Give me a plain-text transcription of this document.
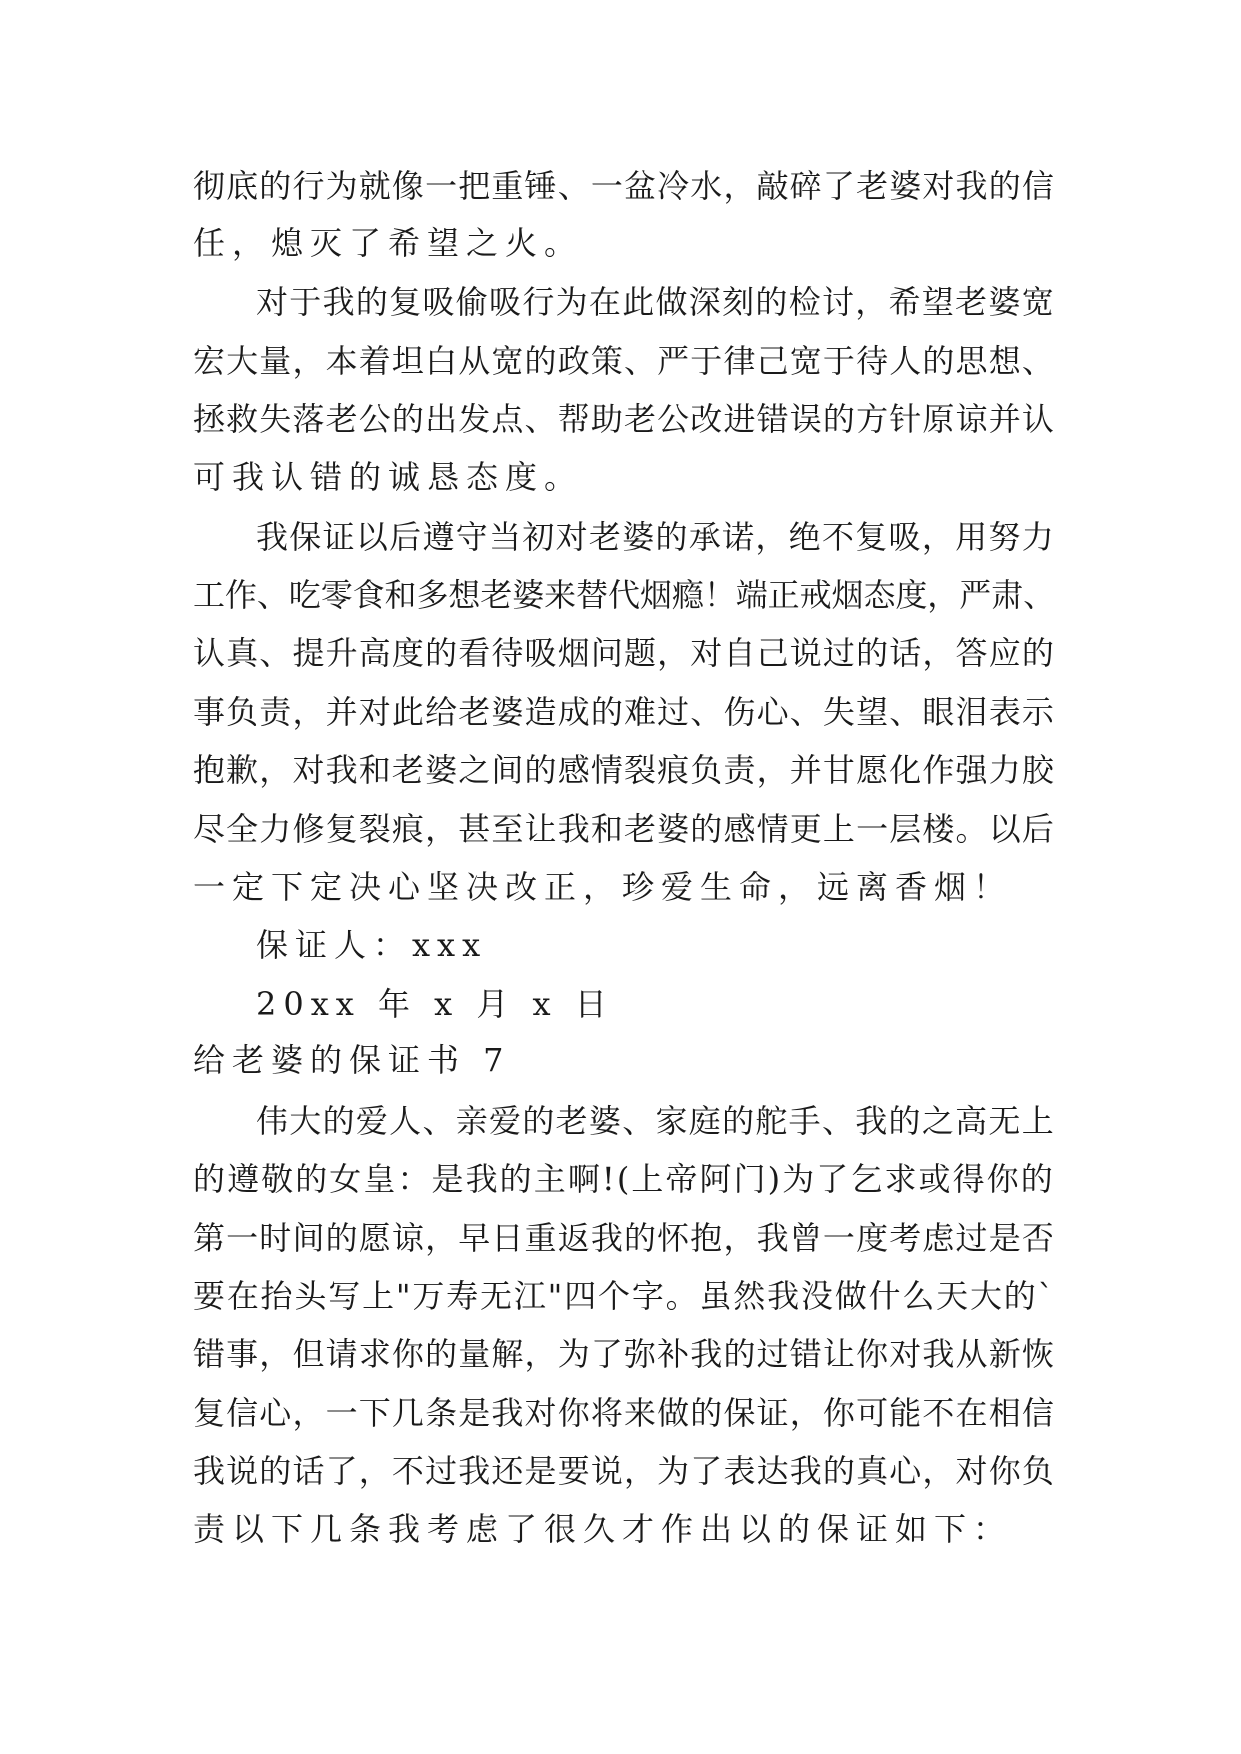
彻底的行为就像一把重锤、一盆冷水，敲碎了老婆对我的信
任，熄灭了希望之火。
对于我的复吸偷吸行为在此做深刻的检讨，希望老婆宽
宏大量，本着坦白从宽的政策、严于律己宽于待人的思想、
拯救失落老公的出发点、帮助老公改进错误的方针原谅并认
可我认错的诚恳态度。
我保证以后遵守当初对老婆的承诺，绝不复吸，用努力
工作、吃零食和多想老婆来替代烟瘾！端正戒烟态度，严肃、
认真、提升高度的看待吸烟问题，对自己说过的话，答应的
事负责，并对此给老婆造成的难过、伤心、失望、眼泪表示
抱歉，对我和老婆之间的感情裂痕负责，并甘愿化作强力胶
尽全力修复裂痕，甚至让我和老婆的感情更上一层楼。以后
一定下定决心坚决改正，珍爱生命，远离香烟！
保证人：xxx
20xx 年 x 月 x 日
给老婆的保证书 7
伟大的爱人、亲爱的老婆、家庭的舵手、我的之高无上
的遵敬的女皇：是我的主啊!(上帝阿门)为了乞求或得你的
第一时间的愿谅，早日重返我的怀抱，我曾一度考虑过是否
要在抬头写上"万寿无江"四个字。虽然我没做什么天大的`
错事，但请求你的量解，为了弥补我的过错让你对我从新恢
复信心，一下几条是我对你将来做的保证，你可能不在相信
我说的话了，不过我还是要说，为了表达我的真心，对你负
责以下几条我考虑了很久才作出以的保证如下：
